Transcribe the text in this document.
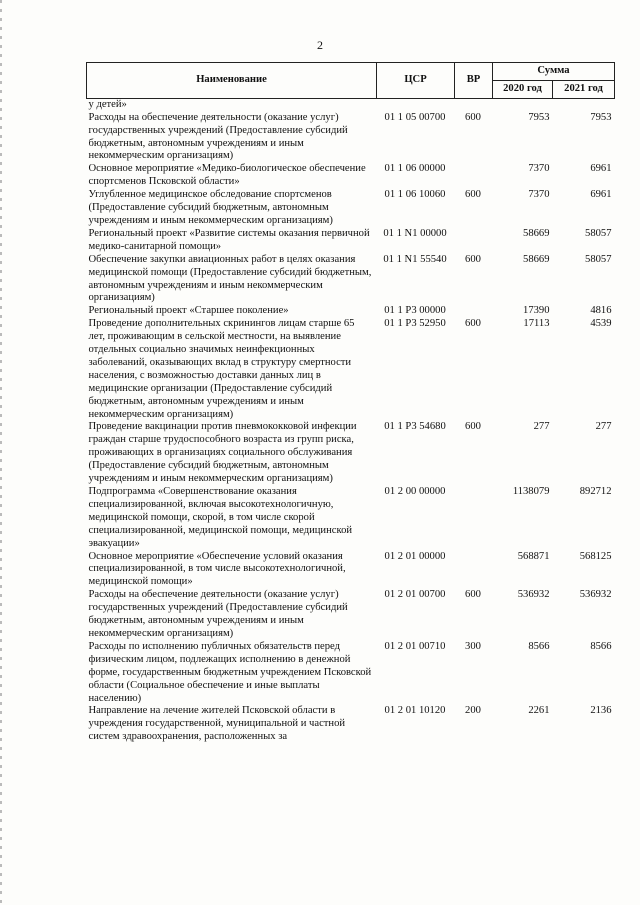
2
Наименование	ЦСР	ВР	Сумма	
			2020 год	2021 год
у детей»				
Расходы на обеспечение деятельности (оказание услуг) государственных учреждений (Предоставление субсидий бюджетным, автономным учреждениям и иным некоммерческим организациям)	01 1 05 00700	600	7953	7953
Основное мероприятие «Медико-биологическое обеспечение спортсменов Псковской области»	01 1 06 00000		7370	6961
Углубленное медицинское обследование спортсменов (Предоставление субсидий бюджетным, автономным учреждениям и иным некоммерческим организациям)	01 1 06 10060	600	7370	6961
Региональный проект «Развитие системы оказания первичной медико-санитарной помощи»	01 1 N1 00000		58669	58057
Обеспечение закупки авиационных работ в целях оказания медицинской помощи (Предоставление субсидий бюджетным, автономным учреждениям и иным некоммерческим организациям)	01 1 N1 55540	600	58669	58057
Региональный проект «Старшее поколение»	01 1 P3 00000		17390	4816
Проведение дополнительных скринингов лицам старше 65 лет, проживающим в сельской местности, на выявление отдельных социально значимых неинфекционных заболеваний, оказывающих вклад в структуру смертности населения, с возможностью доставки данных лиц в медицинские организации (Предоставление субсидий бюджетным, автономным учреждениям и иным некоммерческим организациям)	01 1 P3 52950	600	17113	4539
Проведение вакцинации против пневмококковой инфекции граждан старше трудоспособного возраста из групп риска, проживающих в организациях социального обслуживания (Предоставление субсидий бюджетным, автономным учреждениям и иным некоммерческим организациям)	01 1 P3 54680	600	277	277
Подпрограмма «Совершенствование оказания специализированной, включая высокотехнологичную, медицинской помощи, скорой, в том числе скорой специализированной, медицинской помощи, медицинской эвакуации»	01 2 00 00000		1138079	892712
Основное мероприятие «Обеспечение условий оказания специализированной, в том числе высокотехнологичной, медицинской помощи»	01 2 01 00000		568871	568125
Расходы на обеспечение деятельности (оказание услуг) государственных учреждений (Предоставление субсидий бюджетным, автономным учреждениям и иным некоммерческим организациям)	01 2 01 00700	600	536932	536932
Расходы по исполнению публичных обязательств перед физическим лицом, подлежащих исполнению в денежной форме, государственным бюджетным учреждением Псковской области (Социальное обеспечение и иные выплаты населению)	01 2 01 00710	300	8566	8566
Направление на лечение жителей Псковской области в учреждения государственной, муниципальной и частной систем здравоохранения, расположенных за	01 2 01 10120	200	2261	2136
